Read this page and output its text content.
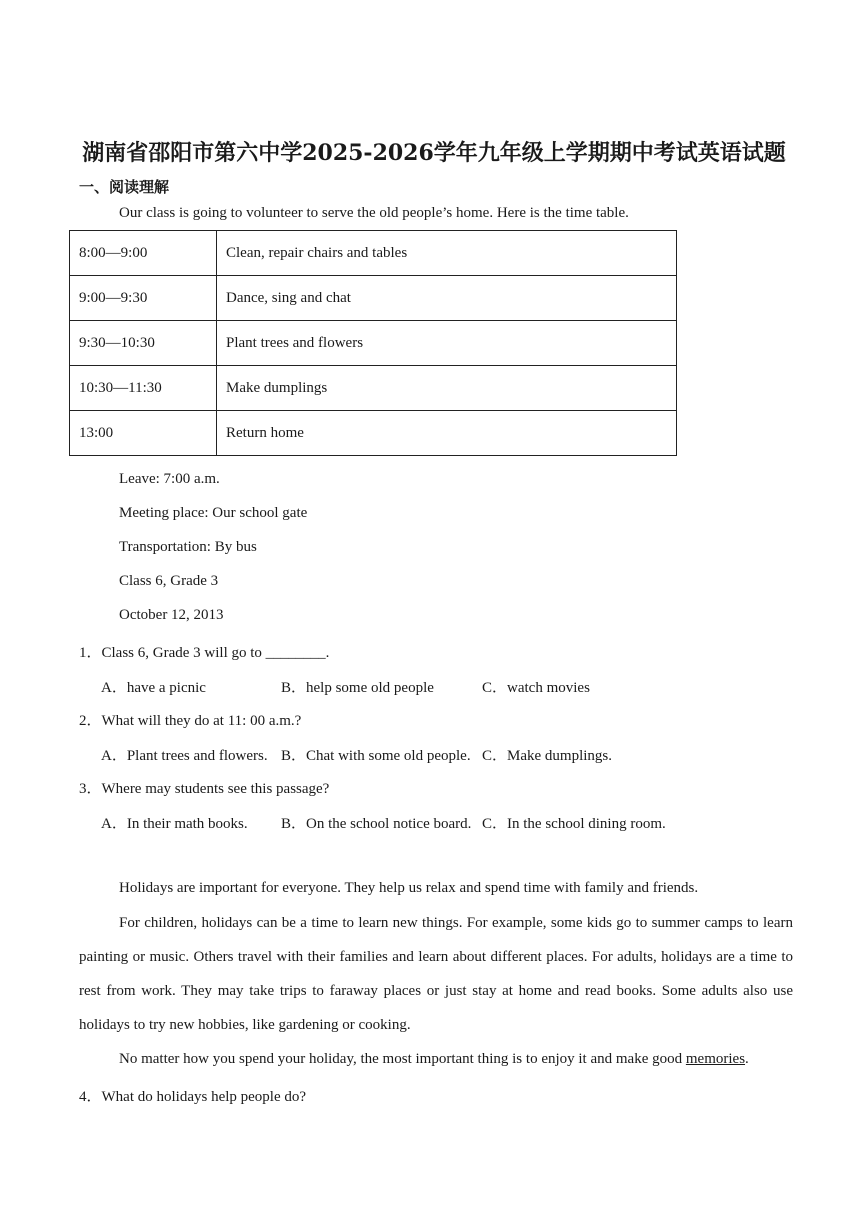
湖南省邵阳市第六中学2025-2026学年九年级上学期期中考试英语试题
一、阅读理解
Our class is going to volunteer to serve the old people’s home. Here is the time table.
8:00—9:00	Clean, repair chairs and tables
9:00—9:30	Dance, sing and chat
9:30—10:30	Plant trees and flowers
10:30—11:30	Make dumplings
13:00	Return home
Leave: 7:00 a.m.
Meeting place: Our school gate
Transportation: By bus
Class 6, Grade 3
October 12, 2013
1．Class 6, Grade 3 will go to ________.
A．have a picnic	B．help some old people	C．watch movies
2．What will they do at 11: 00 a.m.?
A．Plant trees and flowers. B．Chat with some old people. C．Make dumplings.
3．Where may students see this passage?
A．In their math books. B．On the school notice board. C．In the school dining room.
Holidays are important for everyone. They help us relax and spend time with family and friends.
For children, holidays can be a time to learn new things. For example, some kids go to summer camps to learn painting or music. Others travel with their families and learn about different places. For adults, holidays are a time to rest from work. They may take trips to faraway places or just stay at home and read books. Some adults also use holidays to try new hobbies, like gardening or cooking.
No matter how you spend your holiday, the most important thing is to enjoy it and make good memories.
4．What do holidays help people do?
